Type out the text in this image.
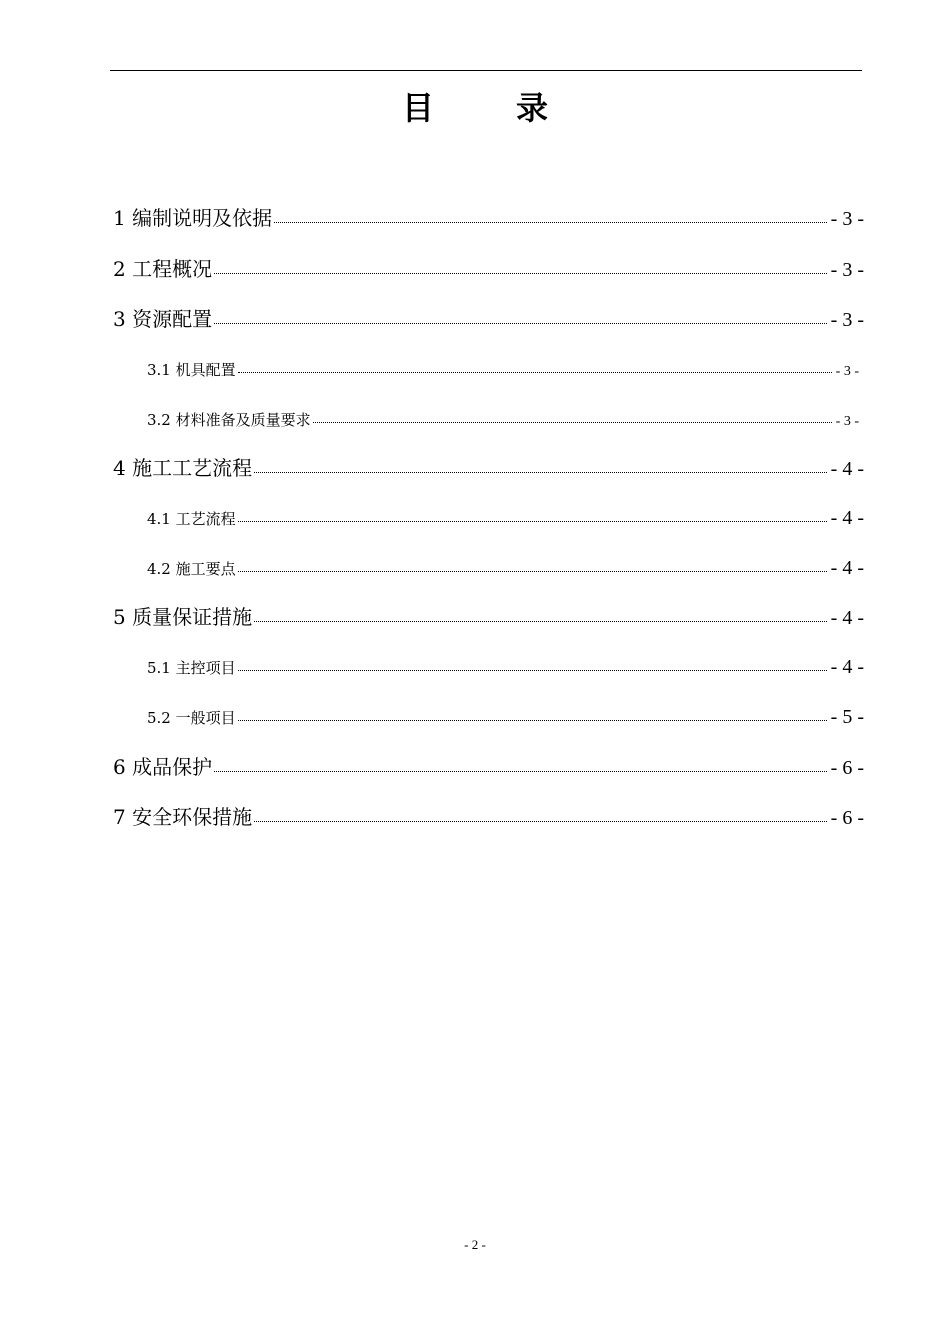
目	录
1 编制说明及依据	- 3 -
2 工程概况	- 3 -
3 资源配置	- 3 -
3.1 机具配置	- 3 -
3.2 材料准备及质量要求	- 3 -
4 施工工艺流程	- 4 -
4.1 工艺流程	- 4 -
4.2 施工要点	- 4 -
5 质量保证措施	- 4 -
5.1 主控项目	- 4 -
5.2 一般项目	- 5 -
6 成品保护	- 6 -
7 安全环保措施	- 6 -
- 2 -
